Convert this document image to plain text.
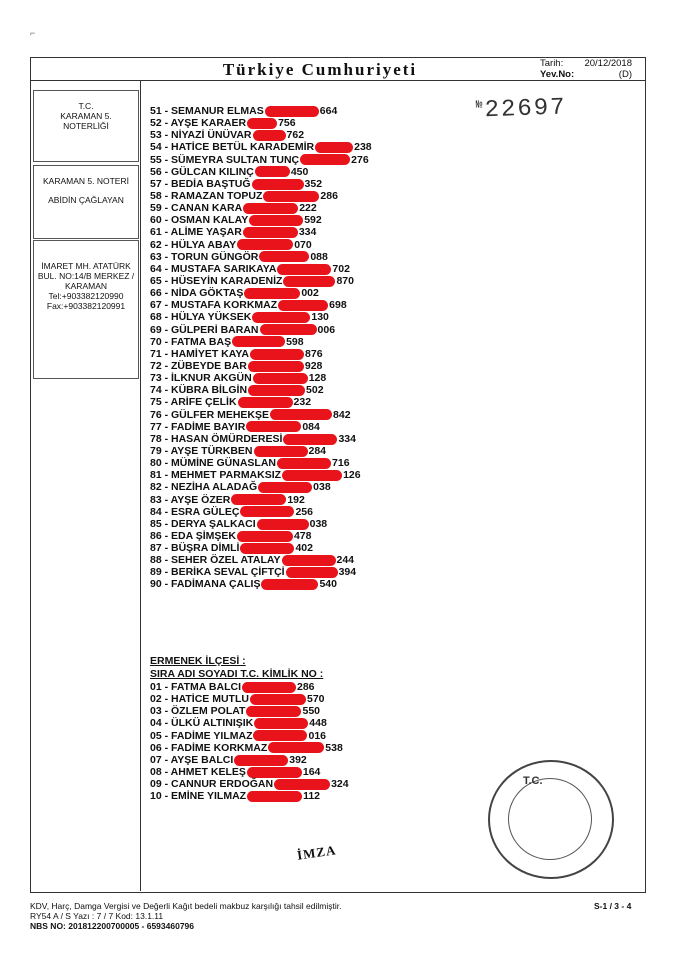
⌐
Türkiye Cumhuriyeti	Tarih: 20/12/2018
Yev.No:	(D)
T.C.
KARAMAN 5.
NOTERLİĞİ
KARAMAN 5. NOTERİ
ABİDİN ÇAĞLAYAN
İMARET MH. ATATÜRK
BUL. NO:14/B MERKEZ /
KARAMAN
Tel:+903382120990
Fax:+903382120991
№22697
51 - SEMANUR ELMAS	664
52 - AYŞE KARAER	756
53 - NİYAZİ ÜNÜVAR	762
54 - HATİCE BETÜL KARADEMİR	238
55 - SÜMEYRA SULTAN TUNÇ	276
56 - GÜLCAN KILINÇ	450
57 - BEDİA BAŞTUĞ	352
58 - RAMAZAN TOPUZ	286
59 - CANAN KARA	222
60 - OSMAN KALAY	592
61 - ALİME YAŞAR	334
62 - HÜLYA ABAY	070
63 - TORUN GÜNGÖR	088
64 - MUSTAFA SARIKAYA	702
65 - HÜSEYİN KARADENİZ	870
66 - NİDA GÖKTAŞ	002
67 - MUSTAFA KORKMAZ	698
68 - HÜLYA YÜKSEK	130
69 - GÜLPERİ BARAN	006
70 - FATMA BAŞ	598
71 - HAMİYET KAYA	876
72 - ZÜBEYDE BAR	928
73 - İLKNUR AKGÜN	128
74 - KÜBRA BİLGİN	502
75 - ARİFE ÇELİK	232
76 - GÜLFER MEHEKŞE	842
77 - FADİME BAYIR	084
78 - HASAN ÖMÜRDERESİ	334
79 - AYŞE TÜRKBEN	284
80 - MÜMİNE GÜNASLAN	716
81 - MEHMET PARMAKSIZ	126
82 - NEZİHA ALADAĞ	038
83 - AYŞE ÖZER	192
84 - ESRA GÜLEÇ	256
85 - DERYA ŞALKACI	038
86 - EDA ŞİMŞEK	478
87 - BÜŞRA DİMLİ	402
88 - SEHER ÖZEL ATALAY	244
89 - BERİKA SEVAL ÇİFTÇİ	394
90 - FADİMANA ÇALIŞ	540
ERMENEK İLÇESİ :
SIRA ADI SOYADI T.C. KİMLİK NO :
01 - FATMA BALCI	286
02 - HATİCE MUTLU	570
03 - ÖZLEM POLAT	550
04 - ÜLKÜ ALTINIŞIK	448
05 - FADİME YILMAZ	016
06 - FADİME KORKMAZ	538
07 - AYŞE BALCI	392
08 - AHMET KELEŞ	164
09 - CANNUR ERDOĞAN	324
10 - EMİNE YILMAZ	112
İMZA
T.C.
KDV, Harç, Damga Vergisi ve Değerli Kağıt bedeli makbuz karşılığı tahsil edilmiştir.
RY54 A / S Yazı : 7 / 7 Kod: 13.1.11
NBS NO: 201812200700005 - 6593460796
S-1 / 3 - 4
